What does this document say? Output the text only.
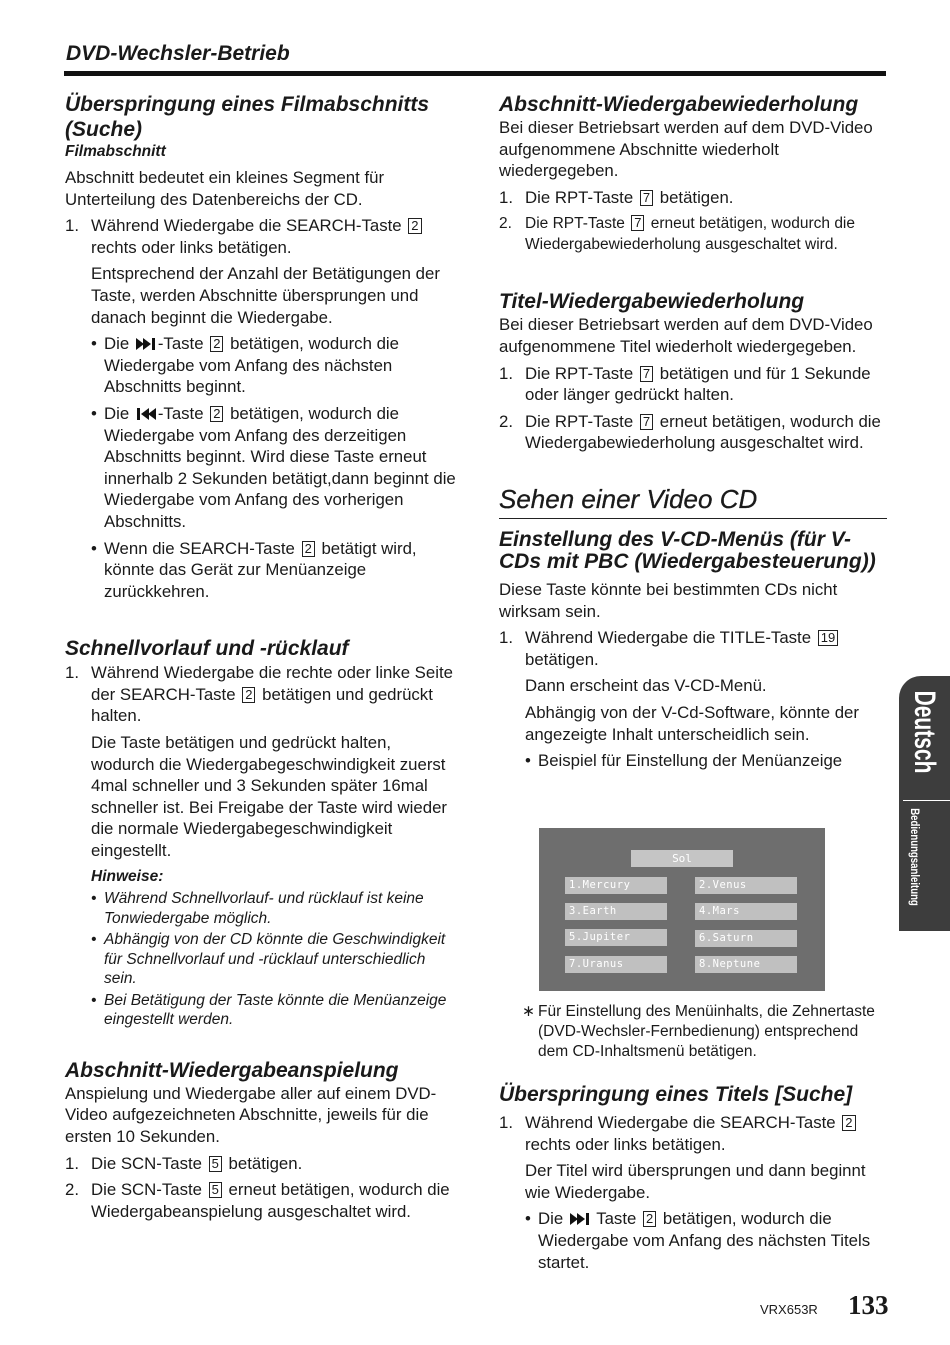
DVD-Wechsler-Betrieb
Überspringung eines Filmabschnitts (Suche)
Filmabschnitt

Abschnitt bedeutet ein kleines Segment für Unterteilung des Datenbereichs der CD.

1. Während Wiedergabe die SEARCH-Taste 2 rechts oder links betätigen.

Entsprechend der Anzahl der Betätigungen der Taste, werden Abschnitte übersprungen und danach beginnt die Wiedergabe.

• Die -Taste 2 betätigen, wodurch die Wiedergabe vom Anfang des nächsten Abschnitts beginnt.
• Die -Taste 2 betätigen, wodurch die Wiedergabe vom Anfang des derzeitigen Abschnitts beginnt. Wird diese Taste erneut innerhalb 2 Sekunden betätigt,dann beginnt die Wiedergabe vom Anfang des vorherigen Abschnitts.
• Wenn die SEARCH-Taste 2 betätigt wird, könnte das Gerät zur Menüanzeige zurückkehren.
Schnellvorlauf und -rücklauf
1. Während Wiedergabe die rechte oder linke Seite der SEARCH-Taste 2 betätigen und gedrückt halten.

Die Taste betätigen und gedrückt halten, wodurch die Wiedergabegeschwindigkeit zuerst 4mal schneller und 3 Sekunden später 16mal schneller ist. Bei Freigabe der Taste wird wieder die normale Wiedergabegeschwindigkeit eingestellt.

Hinweise:
• Während Schnellvorlauf- und rücklauf ist keine Tonwiedergabe möglich.
• Abhängig von der CD könnte die Geschwindigkeit für Schnellvorlauf und -rücklauf unterschiedlich sein.
• Bei Betätigung der Taste könnte die Menüanzeige eingestellt werden.
Abschnitt-Wiedergabeanspielung

Anspielung und Wiedergabe aller auf einem DVD-Video aufgezeichneten Abschnitte, jeweils für die ersten 10 Sekunden.

1. Die SCN-Taste 5 betätigen.
2. Die SCN-Taste 5 erneut betätigen, wodurch die Wiedergabeanspielung ausgeschaltet wird.
Abschnitt-Wiedergabewiederholung

Bei dieser Betriebsart werden auf dem DVD-Video aufgenommene Abschnitte wiederholt wiedergegeben.

1. Die RPT-Taste 7 betätigen.
2. Die RPT-Taste 7 erneut betätigen, wodurch die Wiedergabewiederholung ausgeschaltet wird.
Titel-Wiedergabewiederholung

Bei dieser Betriebsart werden auf dem DVD-Video aufgenommene Titel wiederholt wiedergegeben.

1. Die RPT-Taste 7 betätigen und für 1 Sekunde oder länger gedrückt halten.
2. Die RPT-Taste 7 erneut betätigen, wodurch die Wiedergabewiederholung ausgeschaltet wird.
Sehen einer Video CD
Einstellung des V-CD-Menüs (für V-CDs mit PBC (Wiedergabesteuerung))

Diese Taste könnte bei bestimmten CDs nicht wirksam sein.

1. Während Wiedergabe die TITLE-Taste 19 betätigen.

Dann erscheint das V-CD-Menü.

Abhängig von der V-Cd-Software, könnte der angezeigte Inhalt unterscheidlich sein.

• Beispiel für Einstellung der Menüanzeige
Sol
1.Mercury	2.Venus
3.Earth	4.Mars
5.Jupiter	6.Saturn
7.Uranus	8.Neptune
∗ Für Einstellung des Menüinhalts, die Zehnertaste (DVD-Wechsler-Fernbedienung) entsprechend dem CD-Inhaltsmenü betätigen.
Überspringung eines Titels [Suche]
1. Während Wiedergabe die SEARCH-Taste 2 rechts oder links betätigen.

Der Titel wird übersprungen und dann beginnt wie Wiedergabe.

• Die  Taste 2 betätigen, wodurch die Wiedergabe vom Anfang des nächsten Titels startet.
Deutsch
Bedienungsanleitung
VRX653R 133
